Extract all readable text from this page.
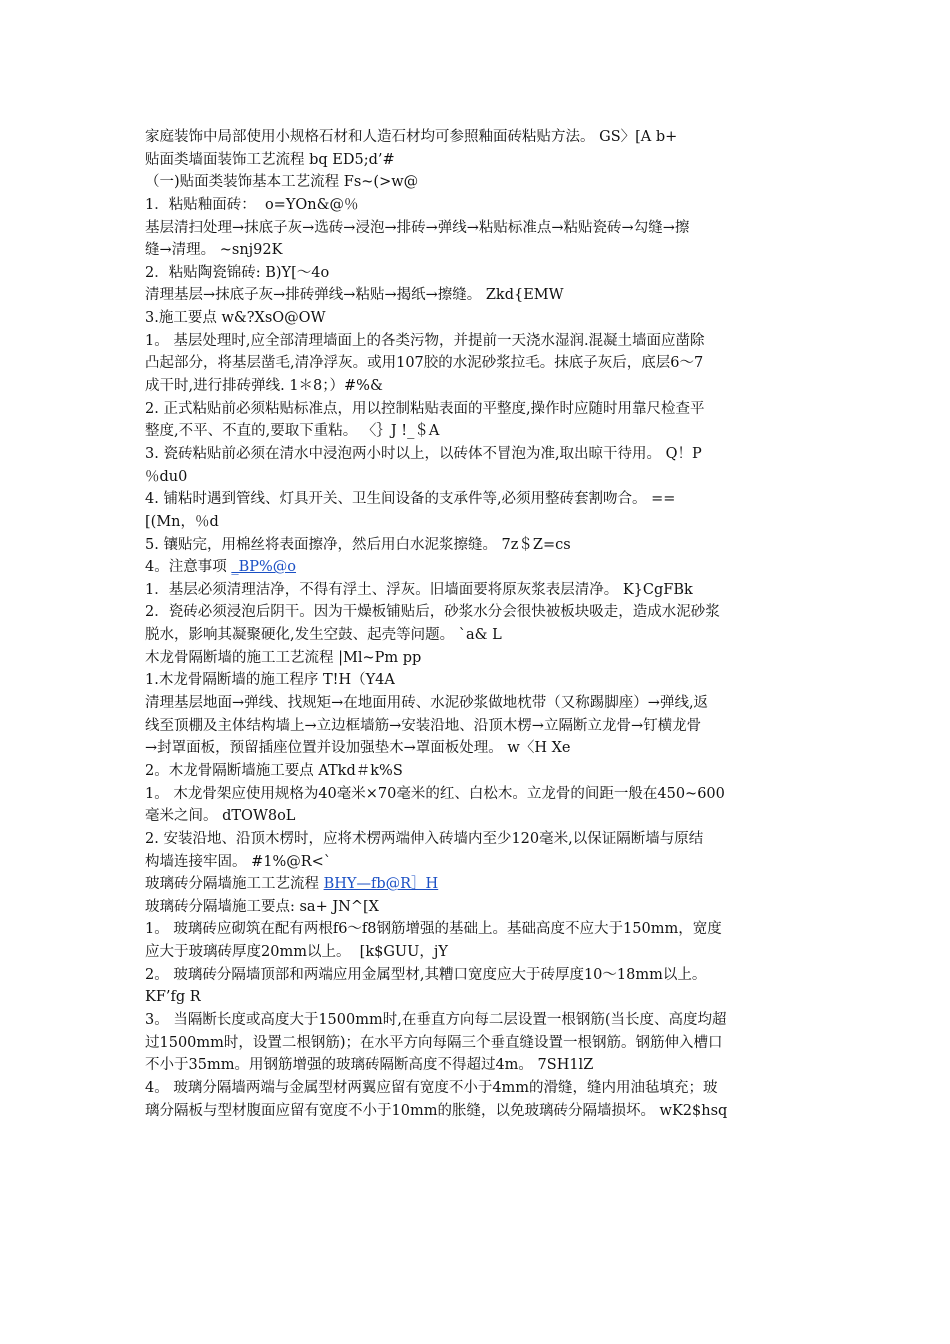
家庭装饰中局部使用小规格石材和人造石材均可参照釉面砖粘贴方法。 GS〉[A b+
贴面类墙面装饰工艺流程 bq ED5;d’#
（一)贴面类装饰基本工艺流程 Fs~(>w@
1．粘贴釉面砖：  o=YOn&@％
基层清扫处理→抹底子灰→选砖→浸泡→排砖→弹线→粘贴标准点→粘贴瓷砖→勾缝→擦
缝→清理。 ~snj92K
2．粘贴陶瓷锦砖: B)Y[～4o
清理基层→抹底子灰→排砖弹线→粘贴→揭纸→擦缝。 Zkd{EMW
3.施工要点 w&?XsO@OW
1。 基层处理时,应全部清理墙面上的各类污物，并提前一天浇水湿润.混凝土墙面应凿除
凸起部分，将基层凿毛,清净浮灰。或用107胶的水泥砂浆拉毛。抹底子灰后，底层6～7
成干时,进行排砖弹线. 1＊8；）#%&
2. 正式粘贴前必须粘贴标准点，用以控制粘贴表面的平整度,操作时应随时用靠尺检查平
整度,不平、不直的,要取下重粘。 〈｝J !_＄A
3. 瓷砖粘贴前必须在清水中浸泡两小时以上，以砖体不冒泡为准,取出晾干待用。 Q！P
％du0
4. 铺粘时遇到管线、灯具开关、卫生间设备的支承件等,必须用整砖套割吻合。 ==
[(Mn，％d
5. 镶贴完，用棉丝将表面擦净，然后用白水泥浆擦缝。 7z＄Z=cs
4。注意事项 _BP%@o
1．基层必须清理洁净，不得有浮土、浮灰。旧墙面要将原灰浆表层清净。 K}CgFBk
2．瓷砖必须浸泡后阴干。因为干燥板铺贴后，砂浆水分会很快被板块吸走，造成水泥砂浆
脱水，影响其凝聚硬化,发生空鼓、起壳等问题。 `a& L
木龙骨隔断墙的施工工艺流程 |Ml~Pm pp
1.木龙骨隔断墙的施工程序 T!H（Y4A
清理基层地面→弹线、找规矩→在地面用砖、水泥砂浆做地枕带（又称踢脚座）→弹线,返
线至顶棚及主体结构墙上→立边框墙筋→安装沿地、沿顶木楞→立隔断立龙骨→钉横龙骨
→封罩面板，预留插座位置并设加强垫木→罩面板处理。 w〈H Xe
2。木龙骨隔断墙施工要点 ATkd＃k%S
1。 木龙骨架应使用规格为40毫米×70毫米的红、白松木。立龙骨的间距一般在450~600
毫米之间。 dTOW8oL
2. 安装沿地、沿顶木楞时，应将术楞两端伸入砖墙内至少120毫米,以保证隔断墙与原结
构墙连接牢固。 #1%@R<`
玻璃砖分隔墙施工工艺流程 BHY—fb@R］H
玻璃砖分隔墙施工要点: sa+ JN^[X
1。 玻璃砖应砌筑在配有两根f6～f8钢筋增强的基础上。基础高度不应大于150mm，宽度
应大于玻璃砖厚度20mm以上。  [k$GUU，jY
2。 玻璃砖分隔墙顶部和两端应用金属型材,其糟口宽度应大于砖厚度10～18mm以上。
KF’fg R
3。 当隔断长度或高度大于1500mm时,在垂直方向每二层设置一根钢筋(当长度、高度均超
过1500mm时，设置二根钢筋)；在水平方向每隔三个垂直缝设置一根钢筋。钢筋伸入槽口
不小于35mm。用钢筋增强的玻璃砖隔断高度不得超过4m。 7SH1lZ
4。 玻璃分隔墙两端与金属型材两翼应留有宽度不小于4mm的滑缝，缝内用油毡填充；玻
璃分隔板与型材腹面应留有宽度不小于10mm的胀缝，以免玻璃砖分隔墙损坏。 wK2$hsq
